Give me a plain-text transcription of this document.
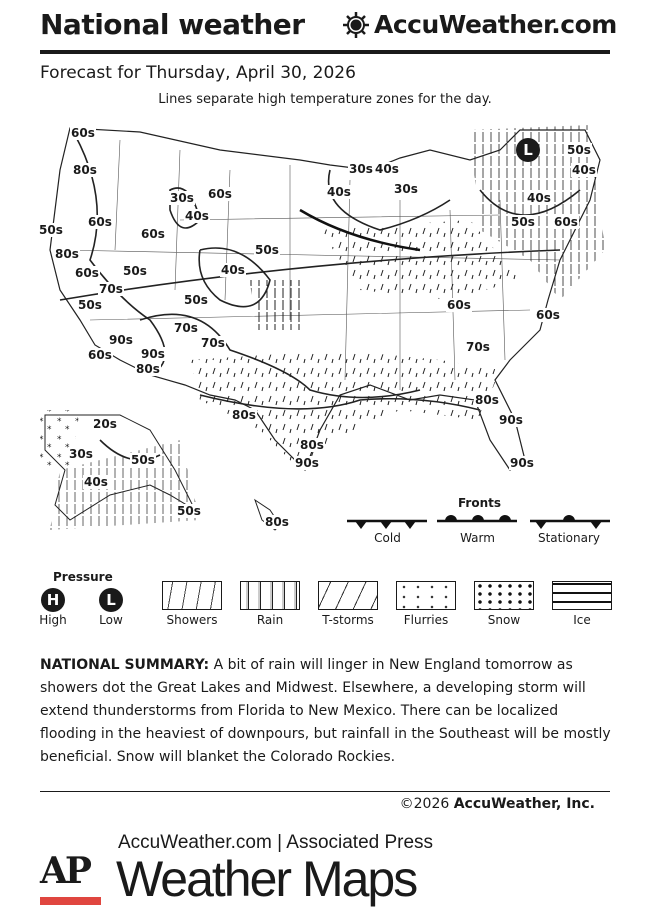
National weather	AccuWeather.com
Forecast for Thursday, April 30, 2026
Lines separate high temperature zones for the day.
L
60s
80s	30s 40s
30s
40s
50s
40s
40s
50s 60s
30s 60s
40s
60s
50s	60s
80s	50s
40s
50s
60s
70s
50s
50s	60s
60s
70s
90s	70s	70s
90s
60s
80s
20s
80s
80s
90s
30s	50s
80s
90s	90s
40s
50s
80s
Fronts
Cold	Warm	Stationary
Pressure
H	L
High	Low	Showers	Rain	T-storms	Flurries	Snow	Ice
NATIONAL SUMMARY: A bit of rain will linger in New England tomorrow as showers dot the Great Lakes and Midwest. Elsewhere, a developing storm will extend thunderstorms from Florida to New Mexico. There can be localized flooding in the heaviest of downpours, but rainfall in the Southeast will be mostly beneficial. Snow will blanket the Colorado Rockies.
©2026 AccuWeather, Inc.
AP
AccuWeather.com | Associated Press
Weather Maps
